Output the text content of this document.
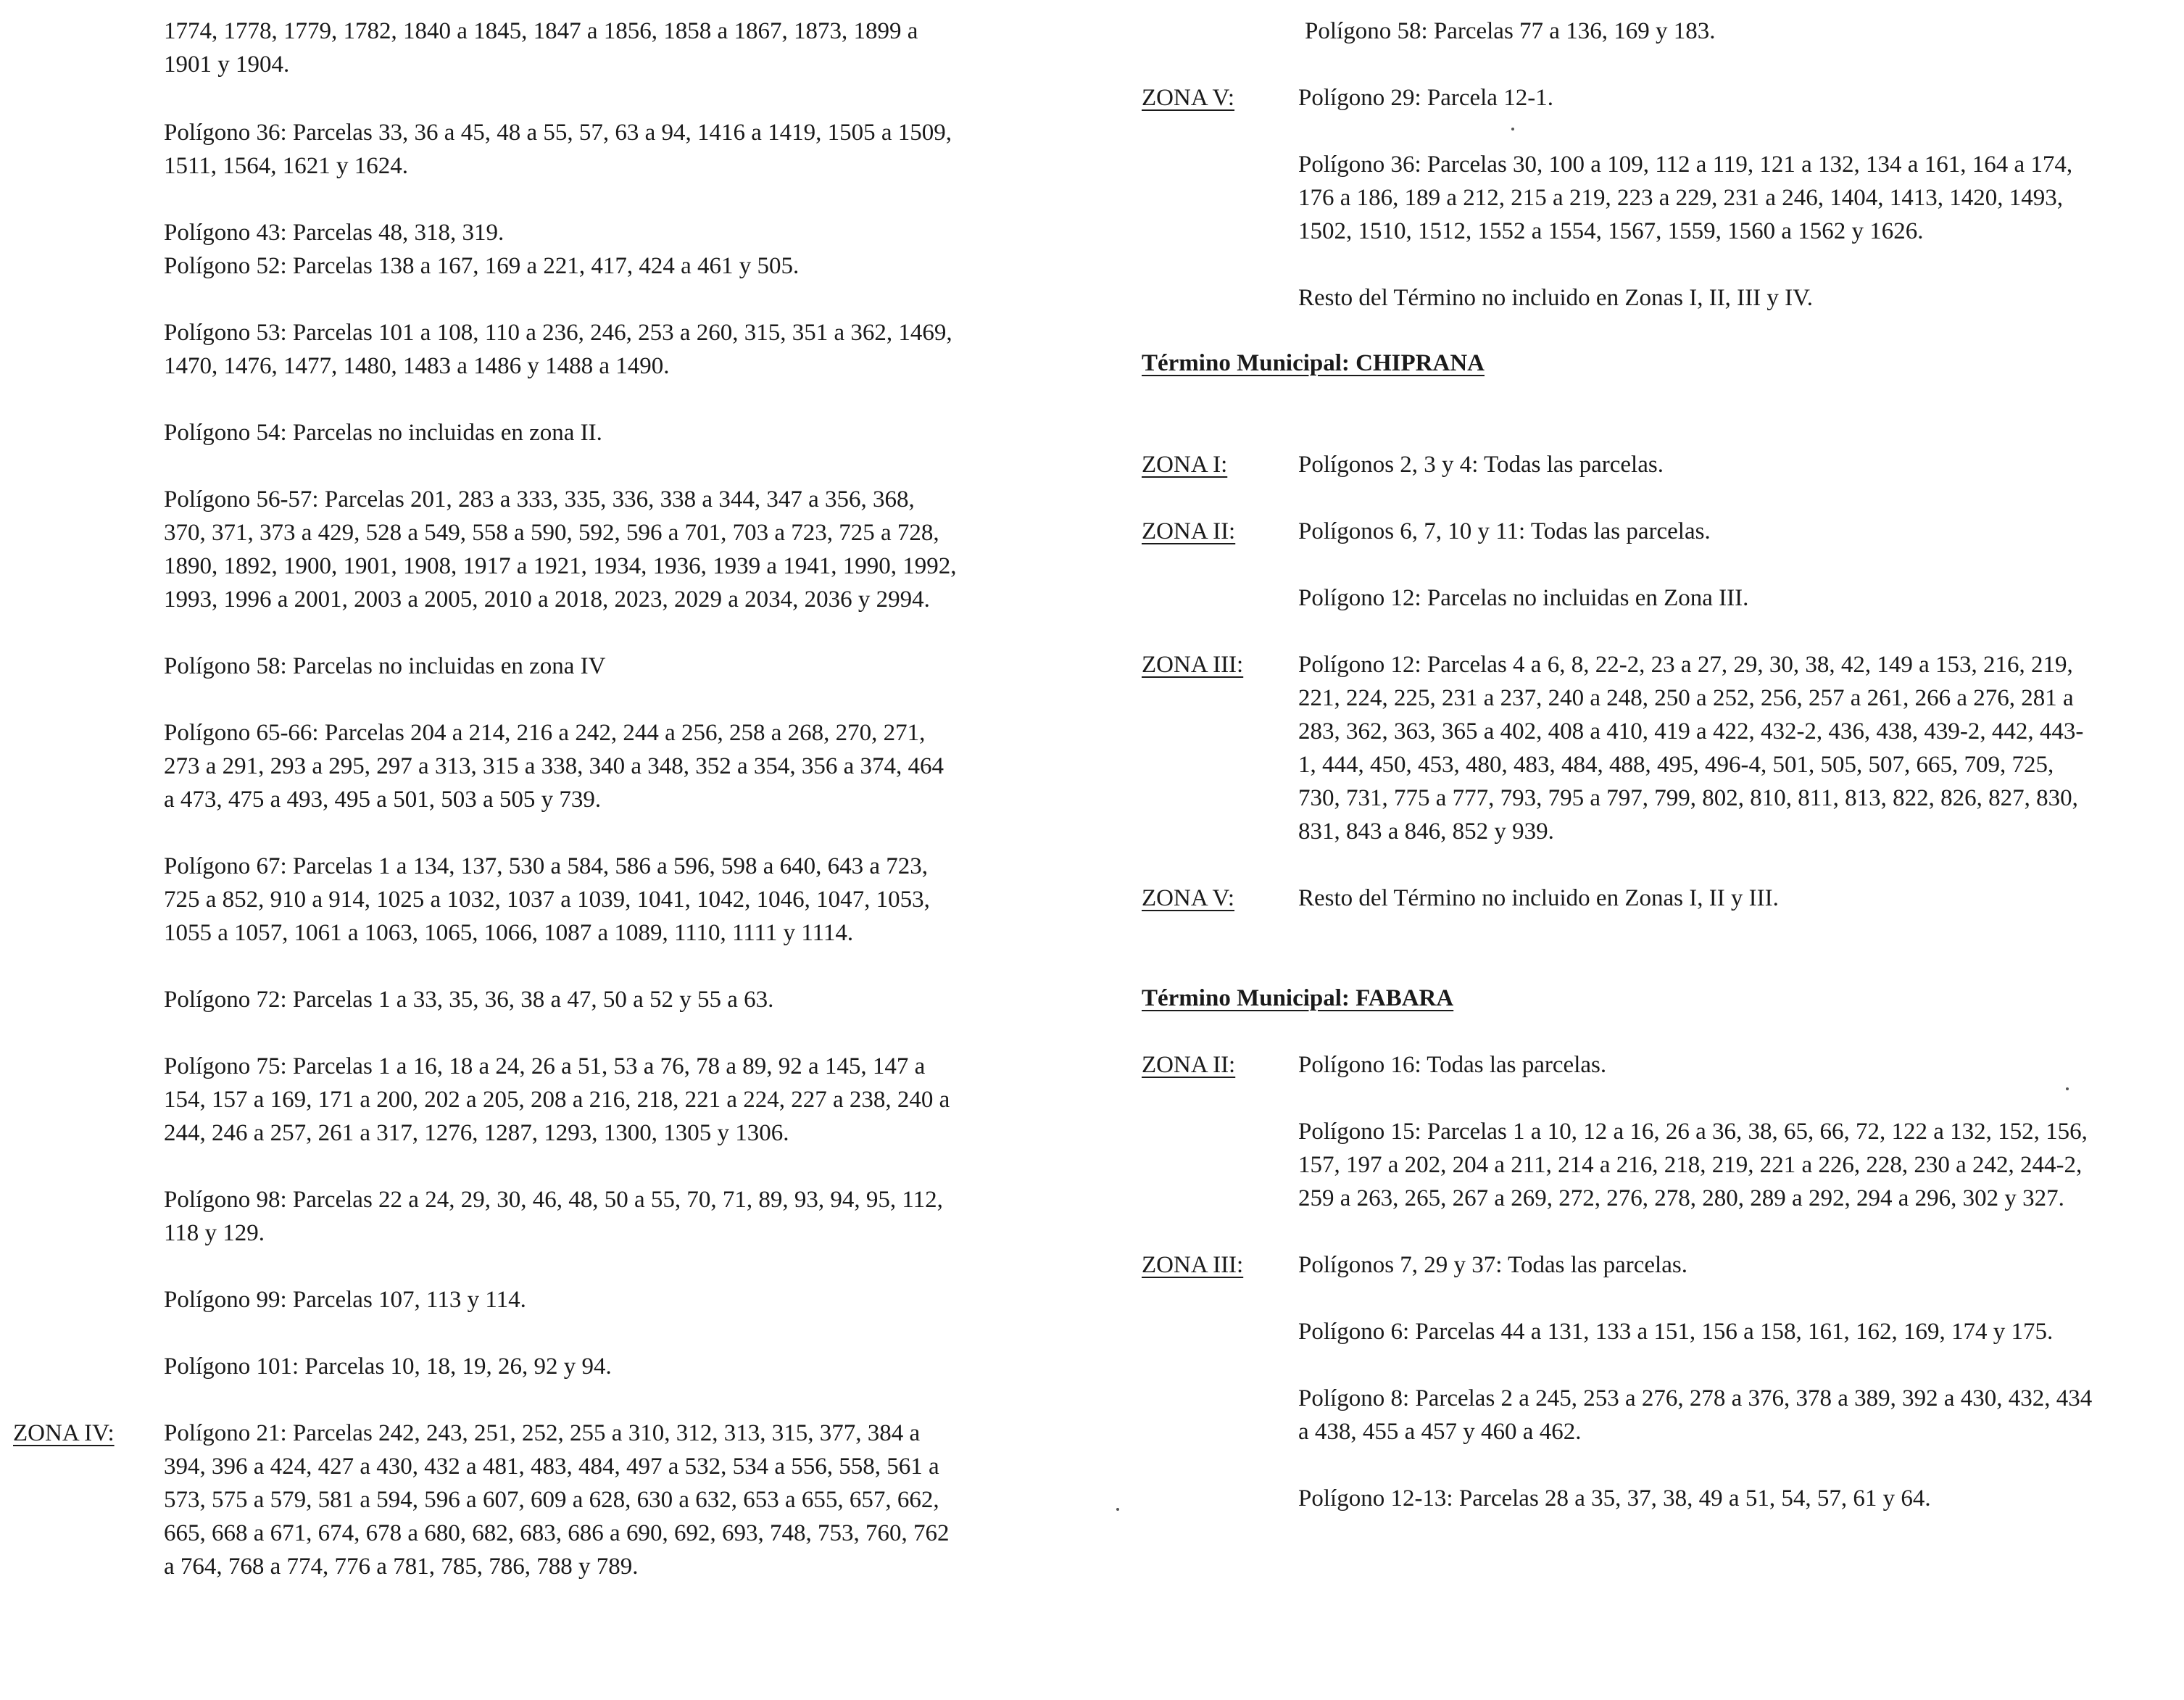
1774, 1778, 1779, 1782, 1840 a 1845, 1847 a 1856, 1858 a 1867, 1873, 1899 a
1901 y 1904.

Polígono 36: Parcelas 33, 36 a 45, 48 a 55, 57, 63 a 94, 1416 a 1419, 1505 a 1509,
1511, 1564, 1621 y 1624.

Polígono 43: Parcelas 48, 318, 319.
Polígono 52: Parcelas 138 a 167, 169 a 221, 417, 424 a 461 y 505.

Polígono 53: Parcelas 101 a 108, 110 a 236, 246, 253 a 260, 315, 351 a 362, 1469,
1470, 1476, 1477, 1480, 1483 a 1486 y 1488 a 1490.

Polígono 54: Parcelas no incluidas en zona II.

Polígono 56-57: Parcelas 201, 283 a 333, 335, 336, 338 a 344, 347 a 356, 368,
370, 371, 373 a 429, 528 a 549, 558 a 590, 592, 596 a 701, 703 a 723, 725 a 728,
1890, 1892, 1900, 1901, 1908, 1917 a 1921, 1934, 1936, 1939 a 1941, 1990, 1992,
1993, 1996 a 2001, 2003 a 2005, 2010 a 2018, 2023, 2029 a 2034, 2036 y 2994.

Polígono 58: Parcelas no incluidas en zona IV

Polígono 65-66: Parcelas 204 a 214, 216 a 242, 244 a 256, 258 a 268, 270, 271,
273 a 291, 293 a 295, 297 a 313, 315 a 338, 340 a 348, 352 a 354, 356 a 374, 464
a 473, 475 a 493, 495 a 501, 503 a 505 y 739.

Polígono 67: Parcelas 1 a 134, 137, 530 a 584, 586 a 596, 598 a 640, 643 a 723,
725 a 852, 910 a 914, 1025 a 1032, 1037 a 1039, 1041, 1042, 1046, 1047, 1053,
1055 a 1057, 1061 a 1063, 1065, 1066, 1087 a 1089, 1110, 1111 y 1114.

Polígono 72: Parcelas 1 a 33, 35, 36, 38 a 47, 50 a 52 y 55 a 63.

Polígono 75: Parcelas 1 a 16, 18 a 24, 26 a 51, 53 a 76, 78 a 89, 92 a 145, 147 a
154, 157 a 169, 171 a 200, 202 a 205, 208 a 216, 218, 221 a 224, 227 a 238, 240 a
244, 246 a 257, 261 a 317, 1276, 1287, 1293, 1300, 1305 y 1306.

Polígono 98: Parcelas 22 a 24, 29, 30, 46, 48, 50 a 55, 70, 71, 89, 93, 94, 95, 112,
118 y 129.

Polígono 99: Parcelas 107, 113 y 114.

Polígono 101: Parcelas 10, 18, 19, 26, 92 y 94.

ZONA IV: Polígono 21: Parcelas 242, 243, 251, 252, 255 a 310, 312, 313, 315, 377, 384 a
394, 396 a 424, 427 a 430, 432 a 481, 483, 484, 497 a 532, 534 a 556, 558, 561 a
573, 575 a 579, 581 a 594, 596 a 607, 609 a 628, 630 a 632, 653 a 655, 657, 662,
665, 668 a 671, 674, 678 a 680, 682, 683, 686 a 690, 692, 693, 748, 753, 760, 762
a 764, 768 a 774, 776 a 781, 785, 786, 788 y 789.

Polígono 58: Parcelas 77 a 136, 169 y 183.

ZONA V:	Polígono 29: Parcela 12-1.

Polígono 36: Parcelas 30, 100 a 109, 112 a 119, 121 a 132, 134 a 161, 164 a 174,
176 a 186, 189 a 212, 215 a 219, 223 a 229, 231 a 246, 1404, 1413, 1420, 1493,
1502, 1510, 1512, 1552 a 1554, 1567, 1559, 1560 a 1562 y 1626.

Resto del Término no incluido en Zonas I, II, III y IV.

Término Municipal: CHIPRANA

ZONA I:	Polígonos 2, 3 y 4: Todas las parcelas.

ZONA II:	Polígonos 6, 7, 10 y 11: Todas las parcelas.

Polígono 12: Parcelas no incluidas en Zona III.

ZONA III: Polígono 12: Parcelas 4 a 6, 8, 22-2, 23 a 27, 29, 30, 38, 42, 149 a 153, 216, 219,
221, 224, 225, 231 a 237, 240 a 248, 250 a 252, 256, 257 a 261, 266 a 276, 281 a
283, 362, 363, 365 a 402, 408 a 410, 419 a 422, 432-2, 436, 438, 439-2, 442, 443-
1, 444, 450, 453, 480, 483, 484, 488, 495, 496-4, 501, 505, 507, 665, 709, 725,
730, 731, 775 a 777, 793, 795 a 797, 799, 802, 810, 811, 813, 822, 826, 827, 830,
831, 843 a 846, 852 y 939.

ZONA V:	Resto del Término no incluido en Zonas I, II y III.

Término Municipal: FABARA

ZONA II:	Polígono 16: Todas las parcelas.

Polígono 15: Parcelas 1 a 10, 12 a 16, 26 a 36, 38, 65, 66, 72, 122 a 132, 152, 156,
157, 197 a 202, 204 a 211, 214 a 216, 218, 219, 221 a 226, 228, 230 a 242, 244-2,
259 a 263, 265, 267 a 269, 272, 276, 278, 280, 289 a 292, 294 a 296, 302 y 327.

ZONA III: Polígonos 7, 29 y 37: Todas las parcelas.

Polígono 6: Parcelas 44 a 131, 133 a 151, 156 a 158, 161, 162, 169, 174 y 175.

Polígono 8: Parcelas 2 a 245, 253 a 276, 278 a 376, 378 a 389, 392 a 430, 432, 434
a 438, 455 a 457 y 460 a 462.

Polígono 12-13: Parcelas 28 a 35, 37, 38, 49 a 51, 54, 57, 61 y 64.
